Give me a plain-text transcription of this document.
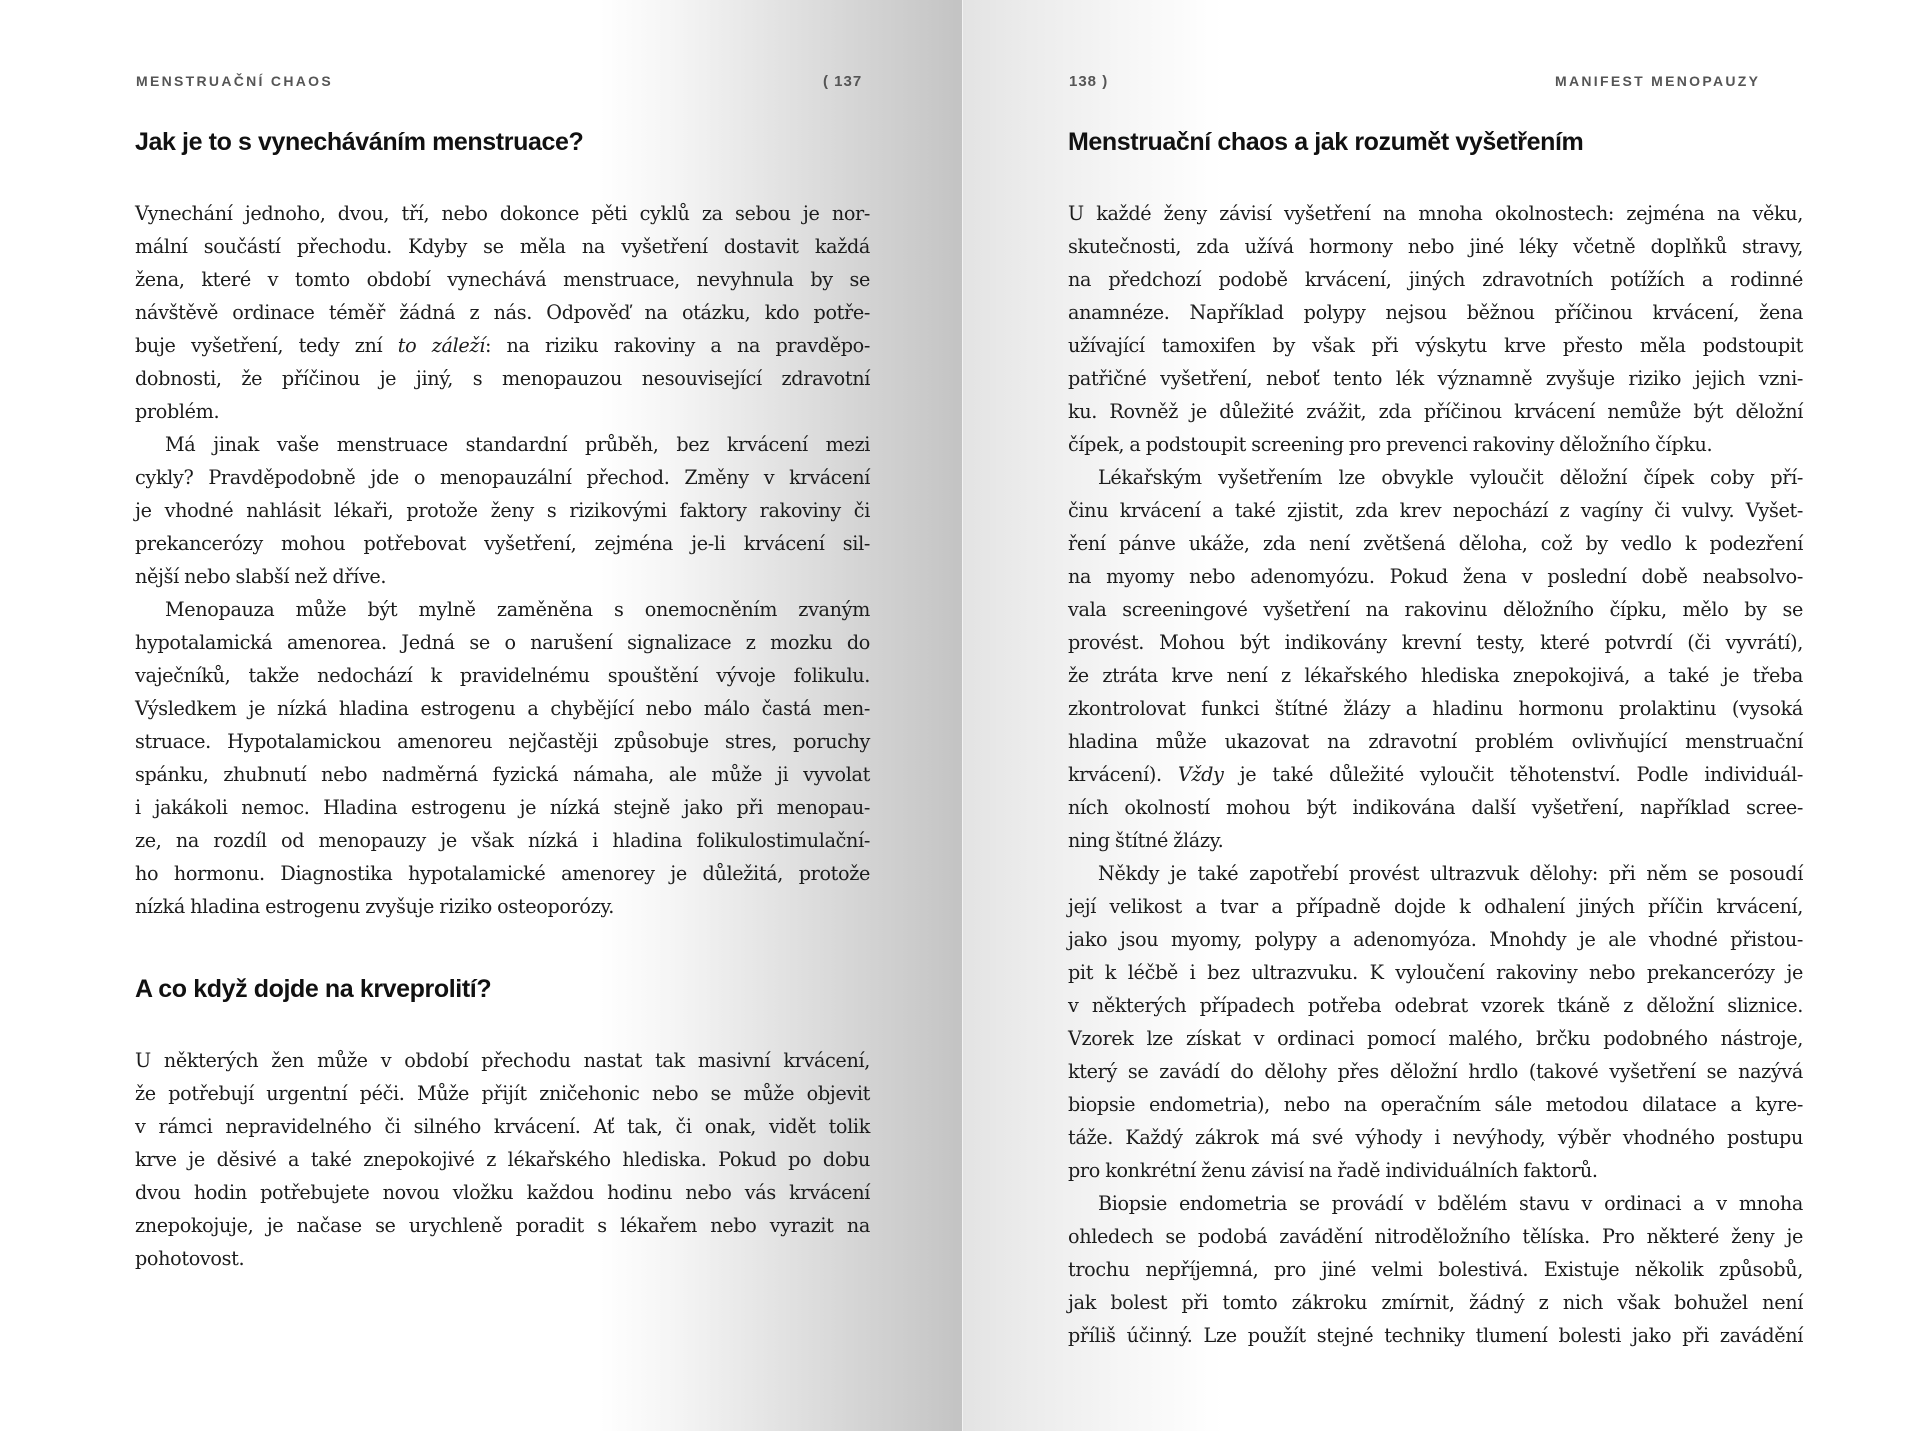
MENSTRUAČNÍ CHAOS	( 137
Jak je to s vynecháváním menstruace?

Vynechání jednoho, dvou, tří, nebo dokonce pěti cyklů za sebou je nor-
mální součástí přechodu. Kdyby se měla na vyšetření dostavit každá
žena, které v tomto období vynechává menstruace, nevyhnula by se
návštěvě ordinace téměř žádná z nás. Odpověď na otázku, kdo potře-
buje vyšetření, tedy zní to záleží: na riziku rakoviny a na pravděpo-
dobnosti, že příčinou je jiný, s menopauzou nesouvisející zdravotní
problém.

Má jinak vaše menstruace standardní průběh, bez krvácení mezi
cykly? Pravděpodobně jde o menopauzální přechod. Změny v krvácení
je vhodné nahlásit lékaři, protože ženy s rizikovými faktory rakoviny či
prekancerózy mohou potřebovat vyšetření, zejména je-li krvácení sil-
nější nebo slabší než dříve.

Menopauza může být mylně zaměněna s onemocněním zvaným
hypotalamická amenorea. Jedná se o narušení signalizace z mozku do
vaječníků, takže nedochází k pravidelnému spouštění vývoje folikulu.
Výsledkem je nízká hladina estrogenu a chybějící nebo málo častá men-
struace. Hypotalamickou amenoreu nejčastěji způsobuje stres, poruchy
spánku, zhubnutí nebo nadměrná fyzická námaha, ale může ji vyvolat
i jakákoli nemoc. Hladina estrogenu je nízká stejně jako při menopau-
ze, na rozdíl od menopauzy je však nízká i hladina folikulostimulační-
ho hormonu. Diagnostika hypotalamické amenorey je důležitá, protože
nízká hladina estrogenu zvyšuje riziko osteoporózy.

A co když dojde na krveprolití?

U některých žen může v období přechodu nastat tak masivní krvácení,
že potřebují urgentní péči. Může přijít zničehonic nebo se může objevit
v rámci nepravidelného či silného krvácení. Ať tak, či onak, vidět tolik
krve je děsivé a také znepokojivé z lékařského hlediska. Pokud po dobu
dvou hodin potřebujete novou vložku každou hodinu nebo vás krvácení
znepokojuje, je načase se urychleně poradit s lékařem nebo vyrazit na
pohotovost.

138 )	MANIFEST MENOPAUZY
Menstruační chaos a jak rozumět vyšetřením

U každé ženy závisí vyšetření na mnoha okolnostech: zejména na věku,
skutečnosti, zda užívá hormony nebo jiné léky včetně doplňků stravy,
na předchozí podobě krvácení, jiných zdravotních potížích a rodinné
anamnéze. Například polypy nejsou běžnou příčinou krvácení, žena
užívající tamoxifen by však při výskytu krve přesto měla podstoupit
patřičné vyšetření, neboť tento lék významně zvyšuje riziko jejich vzni-
ku. Rovněž je důležité zvážit, zda příčinou krvácení nemůže být děložní
čípek, a podstoupit screening pro prevenci rakoviny děložního čípku.

Lékařským vyšetřením lze obvykle vyloučit děložní čípek coby pří-
činu krvácení a také zjistit, zda krev nepochází z vagíny či vulvy. Vyšet-
ření pánve ukáže, zda není zvětšená děloha, což by vedlo k podezření
na myomy nebo adenomyózu. Pokud žena v poslední době neabsolvo-
vala screeningové vyšetření na rakovinu děložního čípku, mělo by se
provést. Mohou být indikovány krevní testy, které potvrdí (či vyvrátí),
že ztráta krve není z lékařského hlediska znepokojivá, a také je třeba
zkontrolovat funkci štítné žlázy a hladinu hormonu prolaktinu (vysoká
hladina může ukazovat na zdravotní problém ovlivňující menstruační
krvácení). Vždy je také důležité vyloučit těhotenství. Podle individuál-
ních okolností mohou být indikována další vyšetření, například scree-
ning štítné žlázy.

Někdy je také zapotřebí provést ultrazvuk dělohy: při něm se posoudí
její velikost a tvar a případně dojde k odhalení jiných příčin krvácení,
jako jsou myomy, polypy a adenomyóza. Mnohdy je ale vhodné přistou-
pit k léčbě i bez ultrazvuku. K vyloučení rakoviny nebo prekancerózy je
v některých případech potřeba odebrat vzorek tkáně z děložní sliznice.
Vzorek lze získat v ordinaci pomocí malého, brčku podobného nástroje,
který se zavádí do dělohy přes děložní hrdlo (takové vyšetření se nazývá
biopsie endometria), nebo na operačním sále metodou dilatace a kyre-
táže. Každý zákrok má své výhody i nevýhody, výběr vhodného postupu
pro konkrétní ženu závisí na řadě individuálních faktorů.

Biopsie endometria se provádí v bdělém stavu v ordinaci a v mnoha
ohledech se podobá zavádění nitroděložního tělíska. Pro některé ženy je
trochu nepříjemná, pro jiné velmi bolestivá. Existuje několik způsobů,
jak bolest při tomto zákroku zmírnit, žádný z nich však bohužel není
příliš účinný. Lze použít stejné techniky tlumení bolesti jako při zavádění
